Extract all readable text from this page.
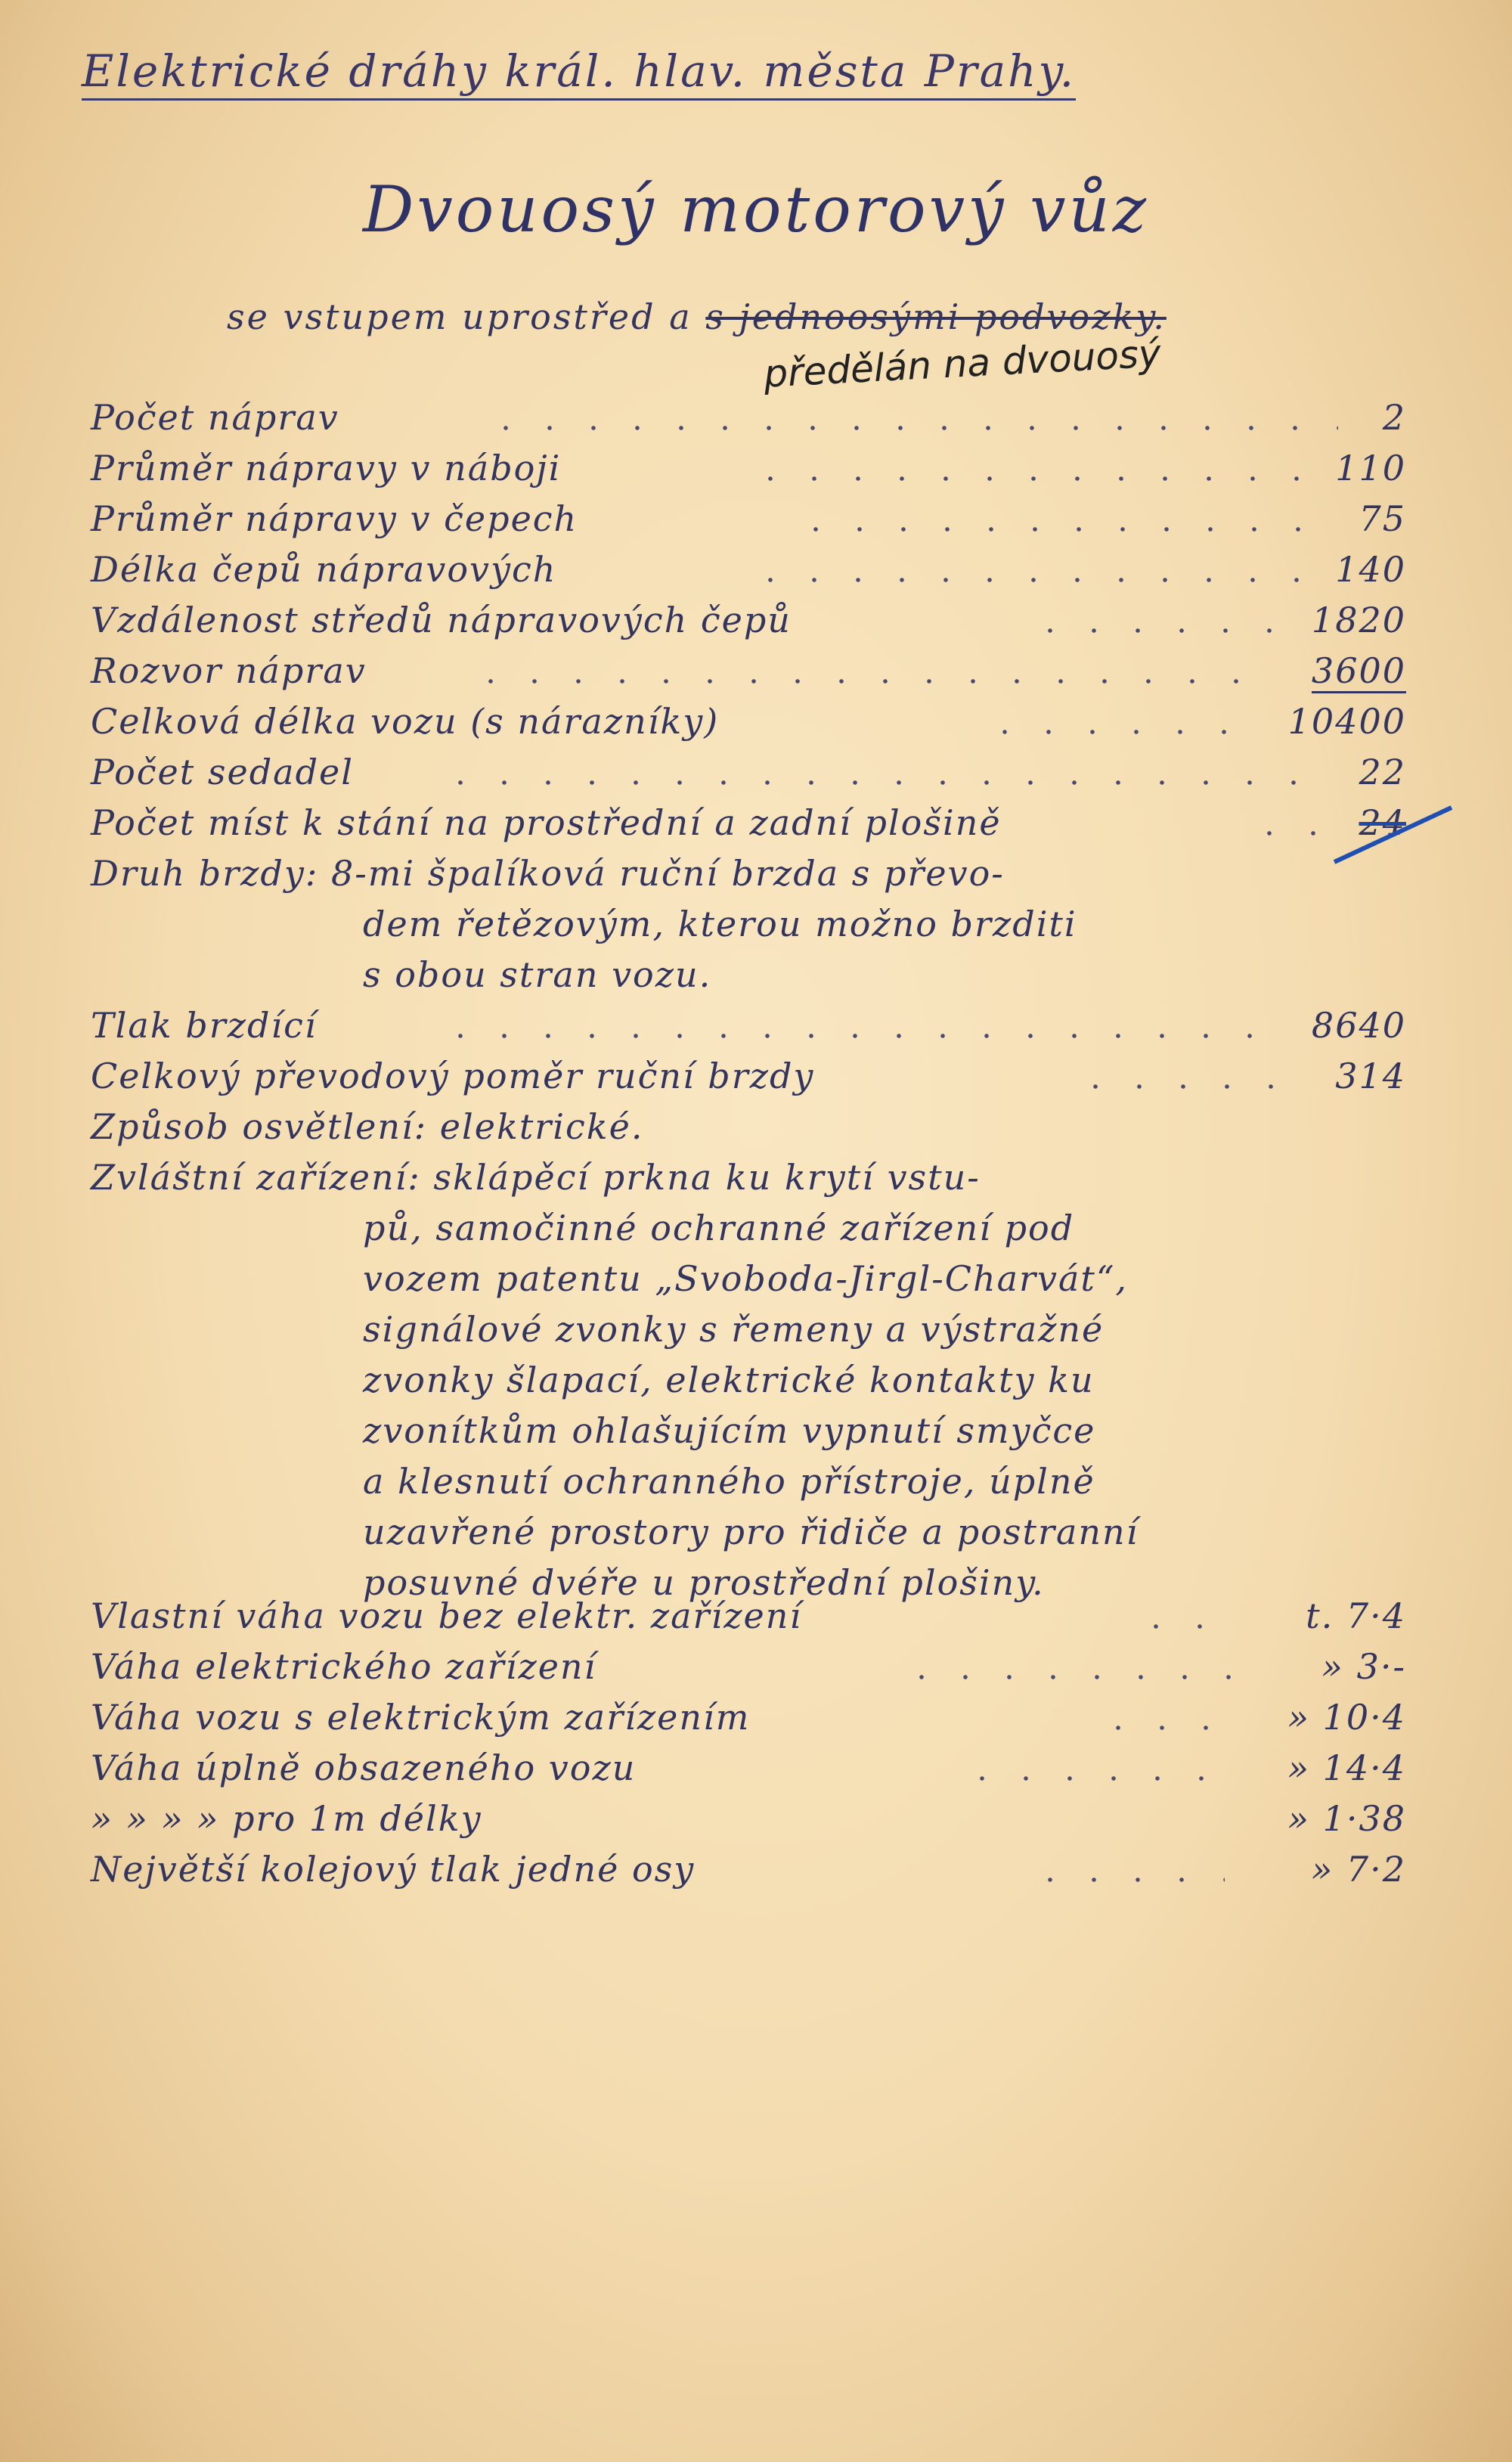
Elektrické dráhy král. hlav. města Prahy.
Dvouosý motorový vůz
se vstupem uprostřed a s jednoosými podvozky.
předělán na dvouosý
Počet náprav	2
Průměr nápravy v náboji	110
Průměr nápravy v čepech	75
Délka čepů nápravových	140
Vzdálenost středů nápravových čepů	1820
Rozvor náprav	3600
Celková délka vozu (s nárazníky)	10400
Počet sedadel	22
Počet míst k stání na prostřední a zadní plošině	24
Druh brzdy: 8-mi špalíková ruční brzda s převo-
dem řetězovým, kterou možno brzditi
s obou stran vozu.
Tlak brzdící	8640
Celkový převodový poměr ruční brzdy	314
Způsob osvětlení: elektrické.
Zvláštní zařízení: sklápěcí prkna ku krytí vstu-
pů, samočinné ochranné zařízení pod
vozem patentu „Svoboda-Jirgl-Charvát“,
signálové zvonky s řemeny a výstražné
zvonky šlapací, elektrické kontakty ku
zvonítkům ohlašujícím vypnutí smyčce
a klesnutí ochranného přístroje, úplně
uzavřené prostory pro řidiče a postranní
posuvné dvéře u prostřední plošiny.
Vlastní váha vozu bez elektr. zařízení	t. 7·4
Váha elektrického zařízení	» 3·-
Váha vozu s elektrickým zařízením	» 10·4
Váha úplně obsazeného vozu	» 14·4
» » » » pro 1m délky	» 1·38
Největší kolejový tlak jedné osy	» 7·2
